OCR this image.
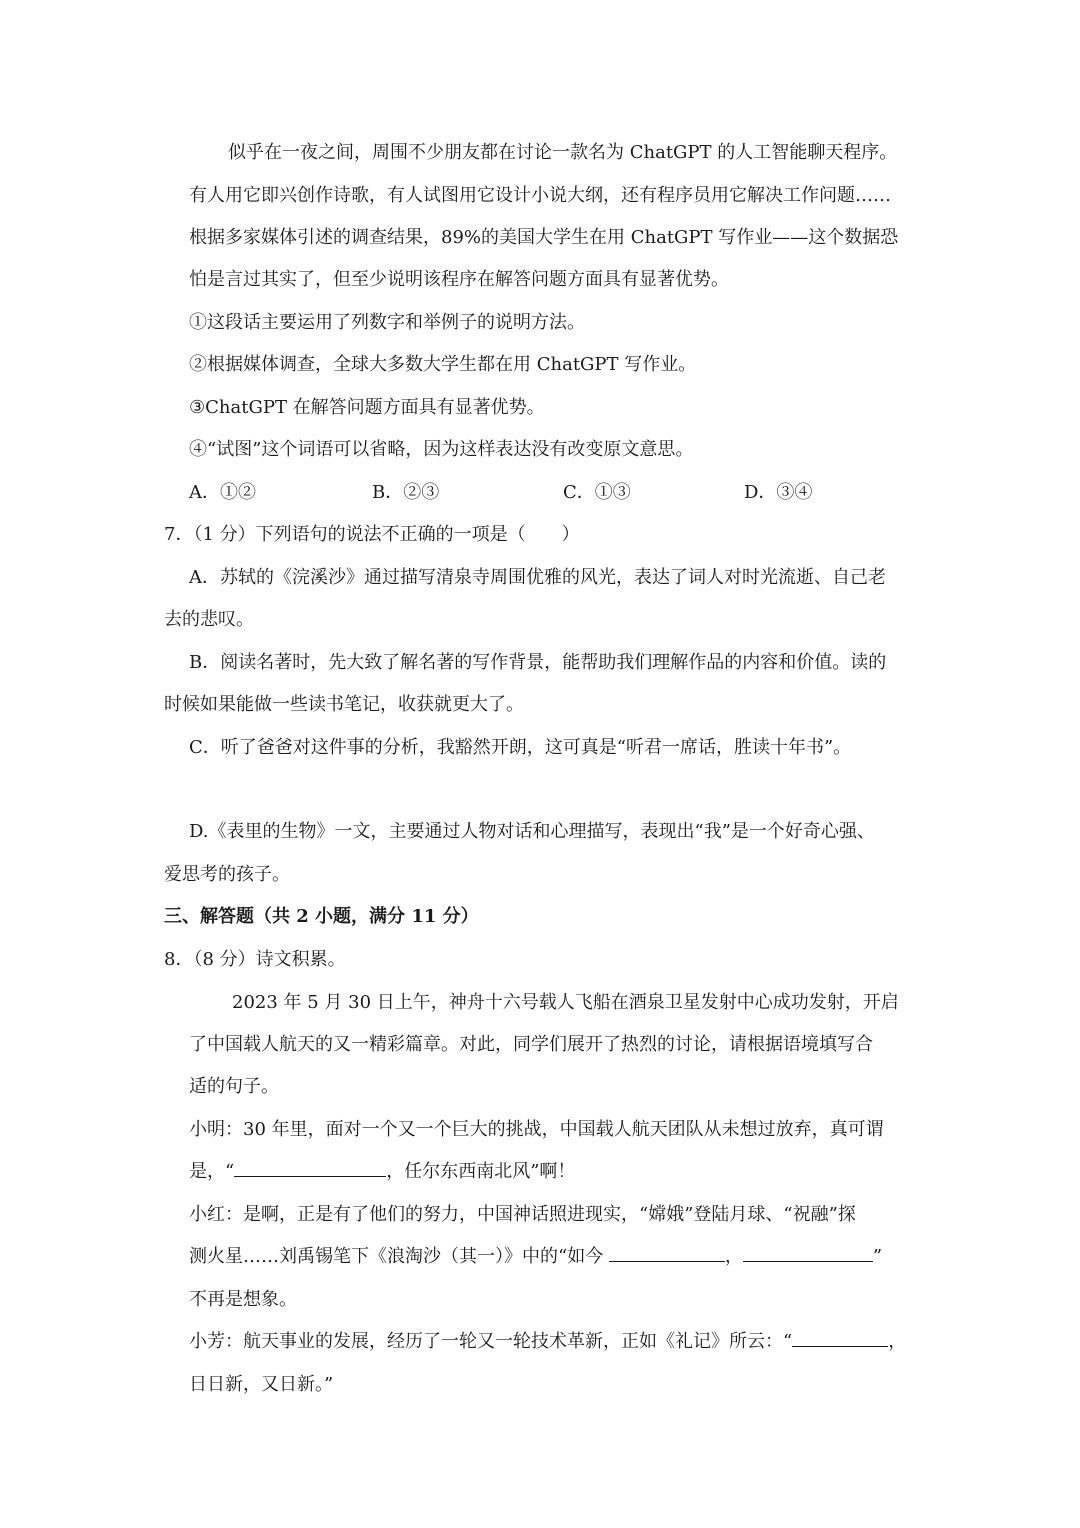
似乎在一夜之间，周围不少朋友都在讨论一款名为 ChatGPT 的人工智能聊天程序。
有人用它即兴创作诗歌，有人试图用它设计小说大纲，还有程序员用它解决工作问题……
根据多家媒体引述的调查结果，89%的美国大学生在用 ChatGPT 写作业——这个数据恐
怕是言过其实了，但至少说明该程序在解答问题方面具有显著优势。
①这段话主要运用了列数字和举例子的说明方法。
②根据媒体调查，全球大多数大学生都在用 ChatGPT 写作业。
③ChatGPT 在解答问题方面具有显著优势。
④“试图”这个词语可以省略，因为这样表达没有改变原文意思。
A．①②	B．②③	C．①③	D．③④
7．（1 分）下列语句的说法不正确的一项是（　　）
A．苏轼的《浣溪沙》通过描写清泉寺周围优雅的风光，表达了词人对时光流逝、自己老
去的悲叹。
B．阅读名著时，先大致了解名著的写作背景，能帮助我们理解作品的内容和价值。读的
时候如果能做一些读书笔记，收获就更大了。
C．听了爸爸对这件事的分析，我豁然开朗，这可真是“听君一席话，胜读十年书”。
D.《表里的生物》一文，主要通过人物对话和心理描写，表现出“我”是一个好奇心强、
爱思考的孩子。
三、解答题（共 2 小题，满分 11 分）
8．（8 分）诗文积累。
2023 年 5 月 30 日上午，神舟十六号载人飞船在酒泉卫星发射中心成功发射，开启
了中国载人航天的又一精彩篇章。对此，同学们展开了热烈的讨论，请根据语境填写合
适的句子。
小明：30 年里，面对一个又一个巨大的挑战，中国载人航天团队从未想过放弃，真可谓
是，“	，任尔东西南北风”啊！
小红：是啊，正是有了他们的努力，中国神话照进现实，“嫦娥”登陆月球、“祝融”探
测火星……刘禹锡笔下《浪淘沙（其一）》中的“如今	，	”
不再是想象。
小芳：航天事业的发展，经历了一轮又一轮技术革新，正如《礼记》所云：“	，
日日新，又日新。”
